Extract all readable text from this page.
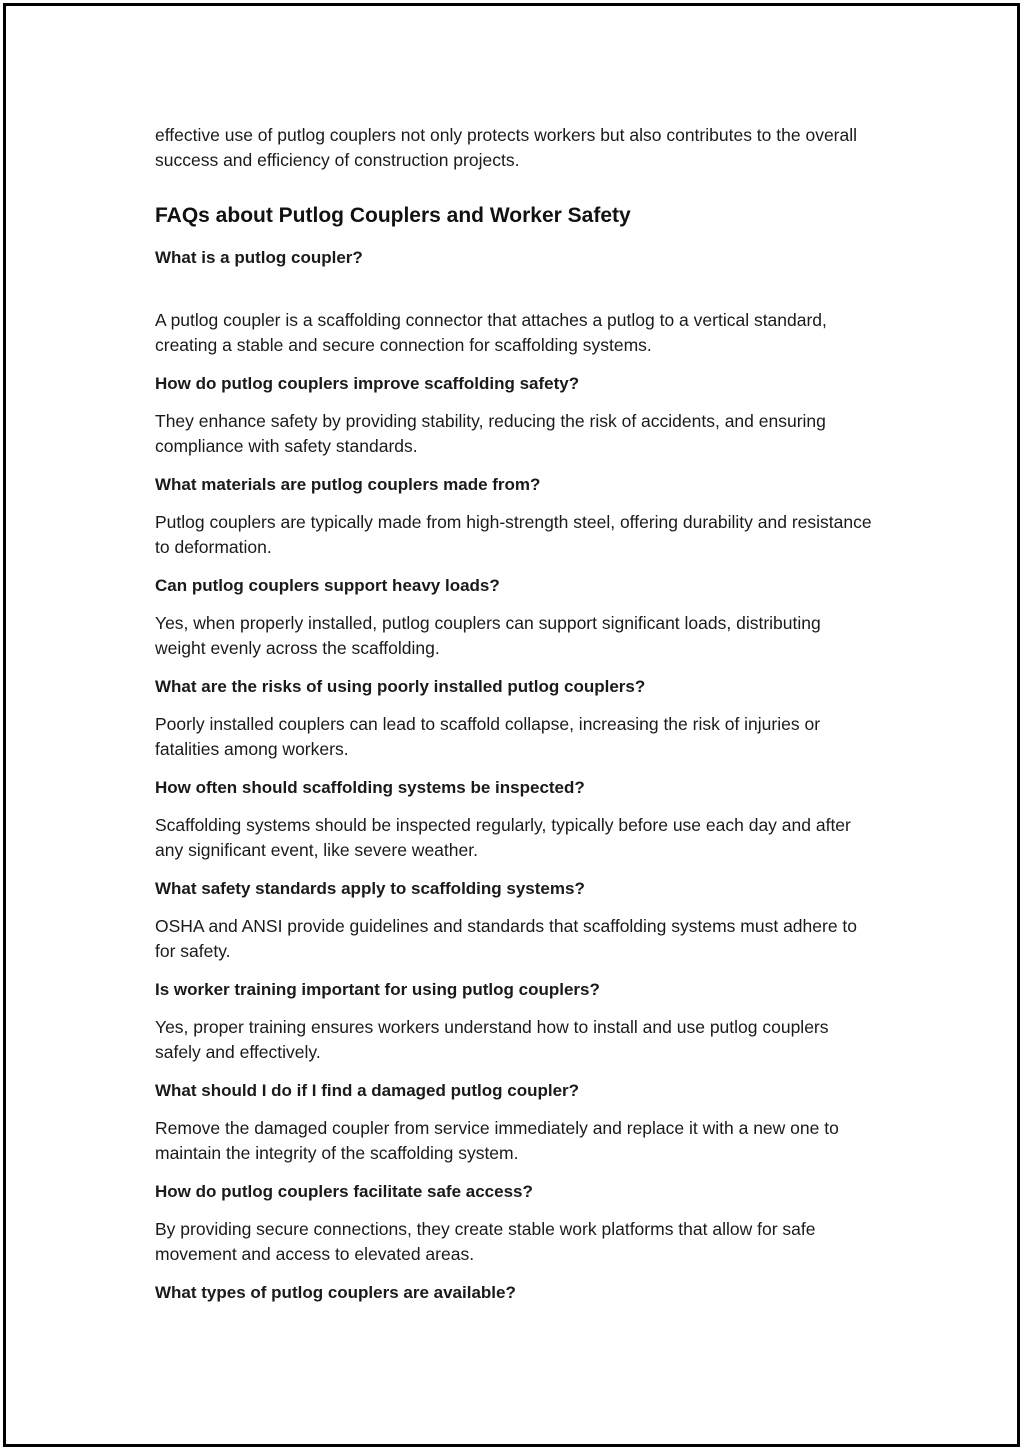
effective use of putlog couplers not only protects workers but also contributes to the overall success and efficiency of construction projects.

FAQs about Putlog Couplers and Worker Safety

What is a putlog coupler?

A putlog coupler is a scaffolding connector that attaches a putlog to a vertical standard, creating a stable and secure connection for scaffolding systems.

How do putlog couplers improve scaffolding safety?

They enhance safety by providing stability, reducing the risk of accidents, and ensuring compliance with safety standards.

What materials are putlog couplers made from?

Putlog couplers are typically made from high-strength steel, offering durability and resistance to deformation.

Can putlog couplers support heavy loads?

Yes, when properly installed, putlog couplers can support significant loads, distributing weight evenly across the scaffolding.

What are the risks of using poorly installed putlog couplers?

Poorly installed couplers can lead to scaffold collapse, increasing the risk of injuries or fatalities among workers.

How often should scaffolding systems be inspected?

Scaffolding systems should be inspected regularly, typically before use each day and after any significant event, like severe weather.

What safety standards apply to scaffolding systems?

OSHA and ANSI provide guidelines and standards that scaffolding systems must adhere to for safety.

Is worker training important for using putlog couplers?

Yes, proper training ensures workers understand how to install and use putlog couplers safely and effectively.

What should I do if I find a damaged putlog coupler?

Remove the damaged coupler from service immediately and replace it with a new one to maintain the integrity of the scaffolding system.

How do putlog couplers facilitate safe access?

By providing secure connections, they create stable work platforms that allow for safe movement and access to elevated areas.

What types of putlog couplers are available?
